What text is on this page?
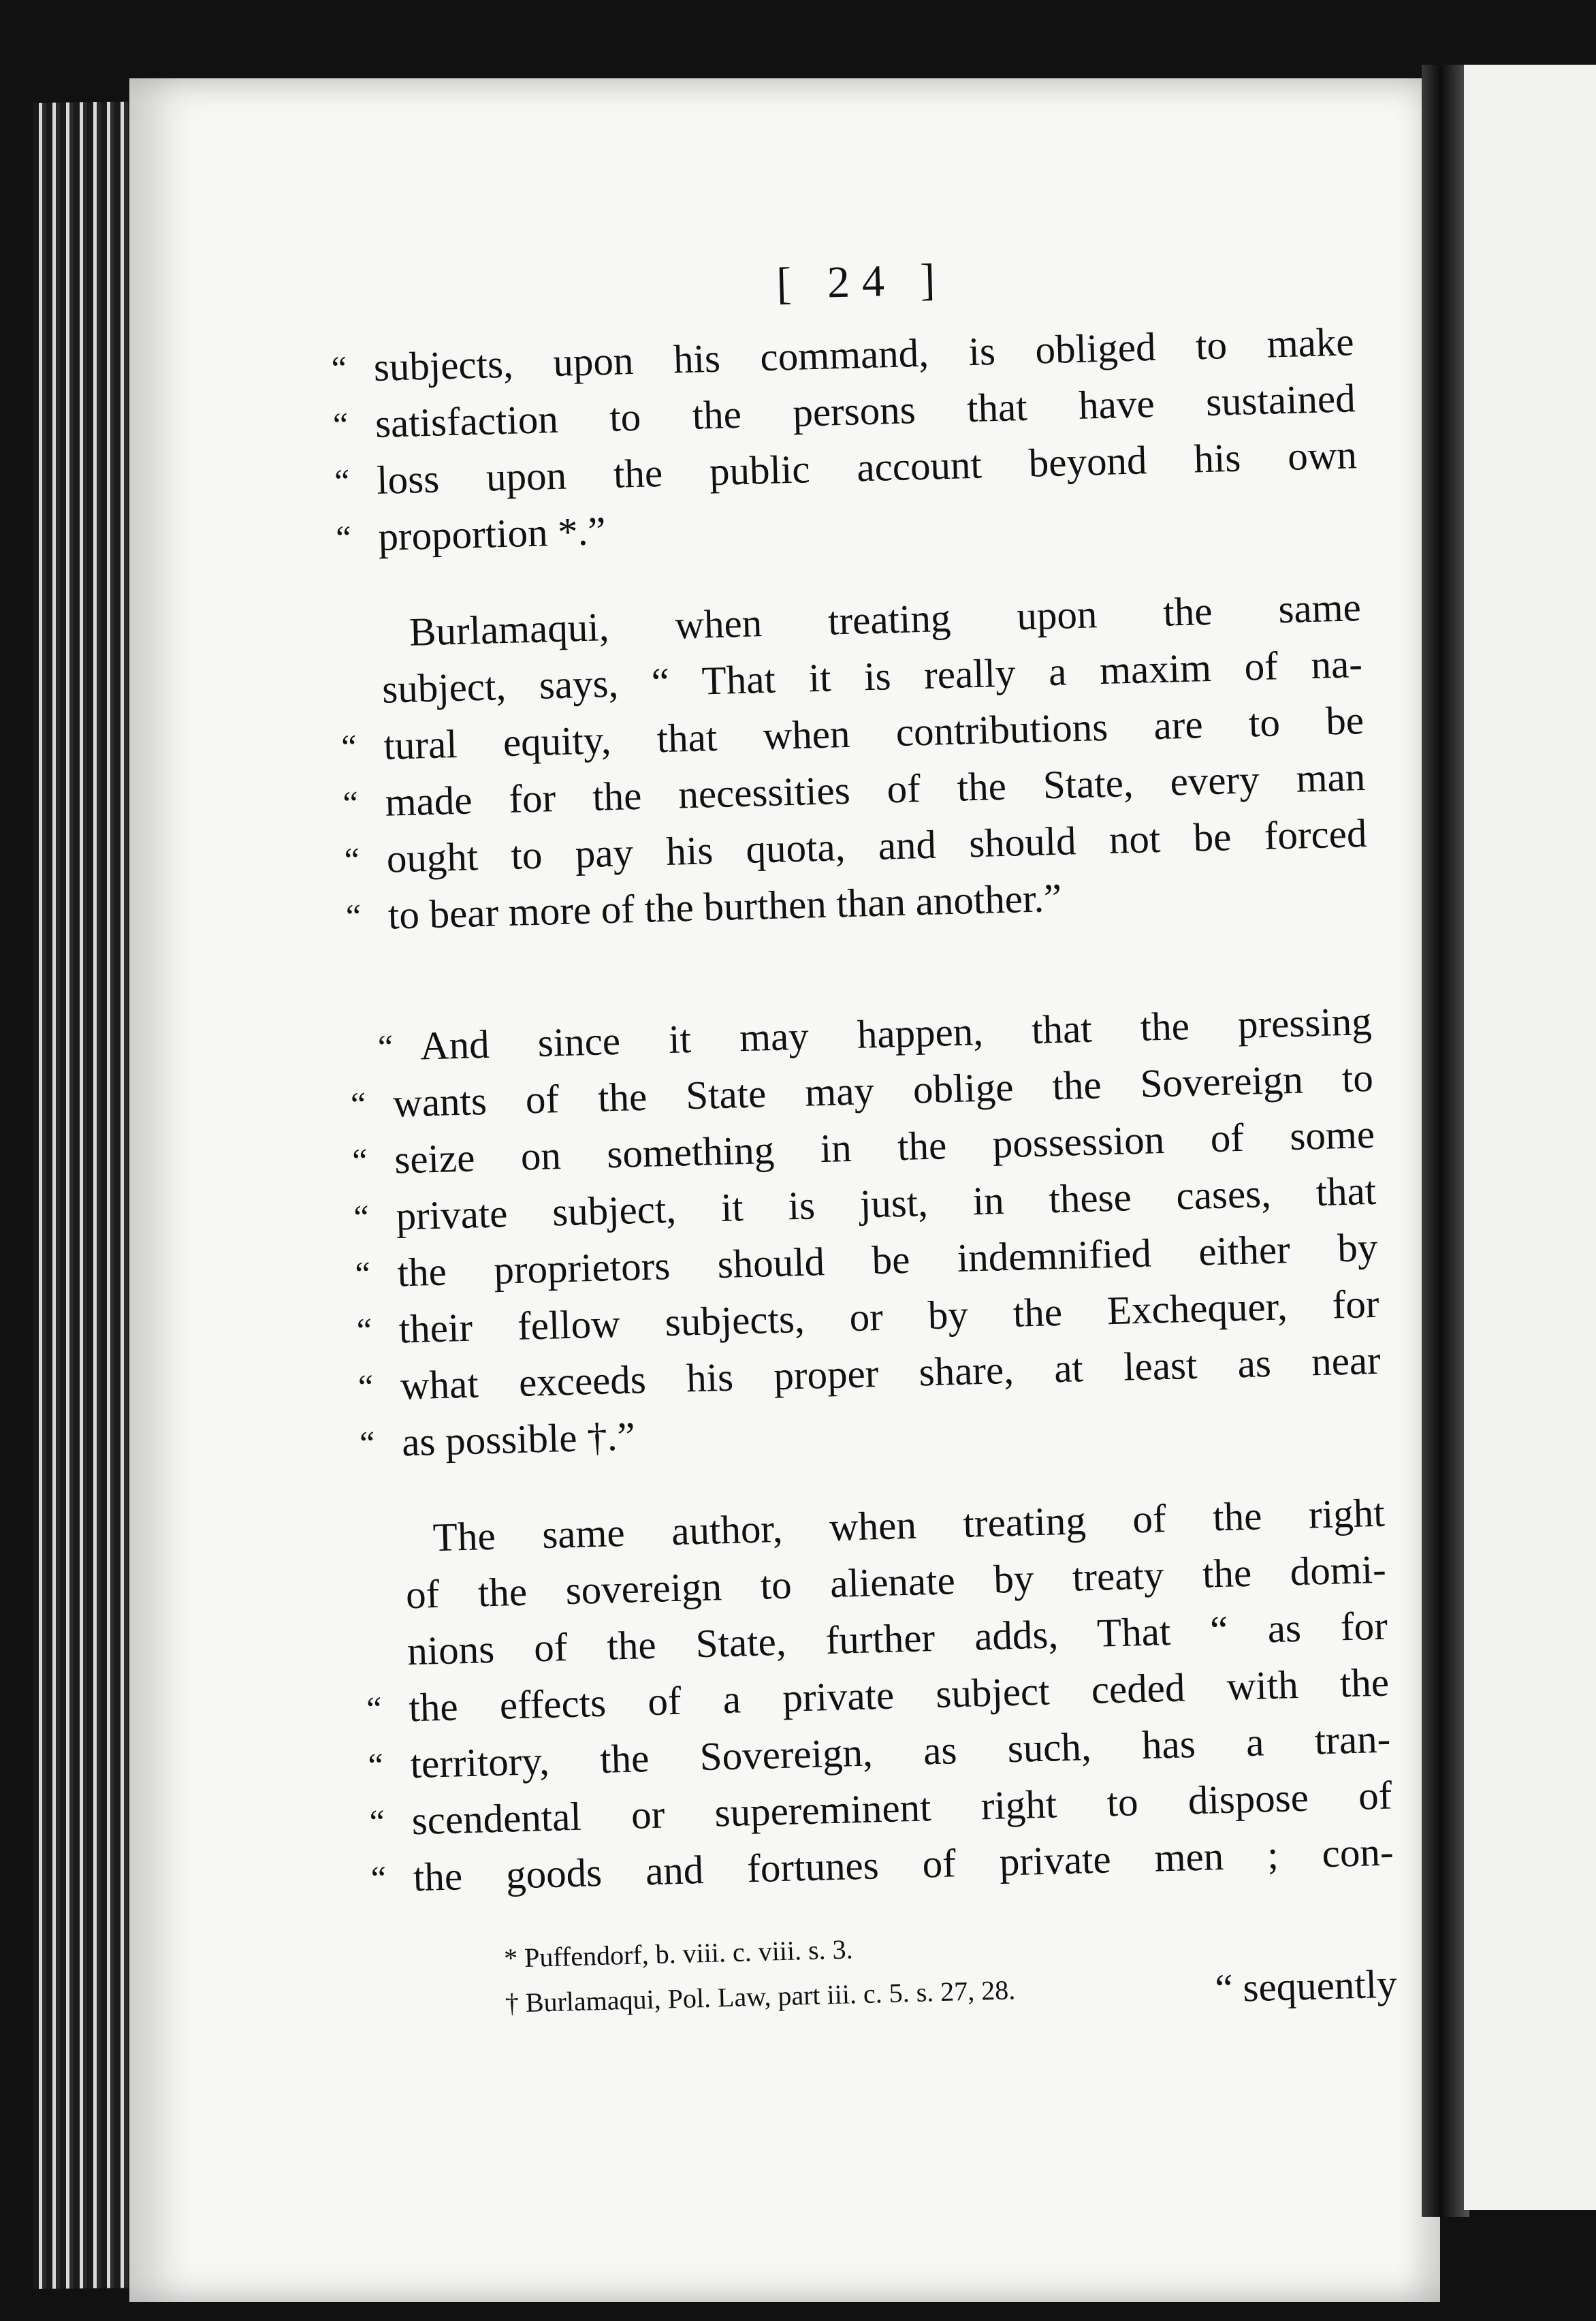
[ 24 ]
“ subjects, upon his command, is obliged to make
“ satisfaction to the persons that have sustained
“ loss upon the public account beyond his own
“ proportion *.”
Burlamaqui, when treating upon the same
subject, says, “ That it is really a maxim of na-
“ tural equity, that when contributions are to be
“ made for the necessities of the State, every man
“ ought to pay his quota, and should not be forced
“ to bear more of the burthen than another.”
“ And since it may happen, that the pressing
“ wants of the State may oblige the Sovereign to
“ seize on something in the possession of some
“ private subject, it is just, in these cases, that
“ the proprietors should be indemnified either by
“ their fellow subjects, or by the Exchequer, for
“ what exceeds his proper share, at least as near
“ as possible †.”
The same author, when treating of the right
of the sovereign to alienate by treaty the domi-
nions of the State, further adds, That “ as for
“ the effects of a private subject ceded with the
“ territory, the Sovereign, as such, has a tran-
“ scendental or supereminent right to dispose of
“ the goods and fortunes of private men ; con-
* Puffendorf, b. viii. c. viii. s. 3.
† Burlamaqui, Pol. Law, part iii. c. 5. s. 27, 28.	“ sequently
